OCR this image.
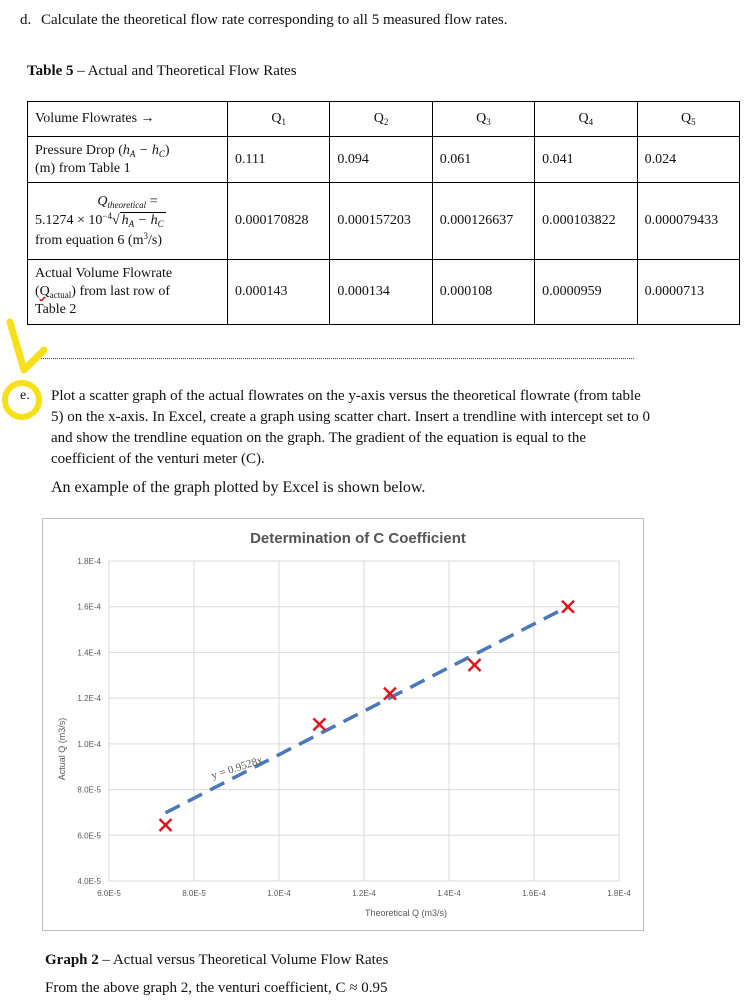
d. Calculate the theoretical flow rate corresponding to all 5 measured flow rates.
Table 5 – Actual and Theoretical Flow Rates
Volume Flowrates →	$Q_1$	$Q_2$	$Q_3$	$Q_4$	$Q_5$
Pressure Drop $(h_A - h_C)$
(m) from Table 1	0.111	0.094	0.061	0.041	0.024

$Q_{theoretical}$ =
$5.1274 \times 10^{-4}√$ $h_A - h_C$
from equation 6 $(m^3/s)$	0.000170828	0.000157203	0.000126637	0.000103822	0.000079433
Actual Volume Flowrate
$(Q_{actual})$ from last row of
Table 2	0.000143	0.000134	0.000108	0.0000959	0.0000713
e. Plot a scatter graph of the actual flowrates on the y-axis versus the theoretical flowrate (from table 5) on the x-axis. In Excel, create a graph using scatter chart. Insert a trendline with intercept set to 0 and show the trendline equation on the graph. The gradient of the equation is equal to the coefficient of the venturi meter (C).
An example of the graph plotted by Excel is shown below.
Determination of C Coefficient
6.0E-5	8.0E-5	1.0E-4	1.2E-4	1.4E-4	1.6E-4	1.8E-4
4.0E-5
6.0E-5
8.0E-5
1.0E-4
1.2E-4
1.4E-4
1.6E-4
1.8E-4
Theoretical Q (m3/s)
Actual Q (m3/s)	y = 0.9528x
Graph 2 – Actual versus Theoretical Volume Flow Rates
From the above graph 2, the venturi coefficient, C ≈ 0.95
